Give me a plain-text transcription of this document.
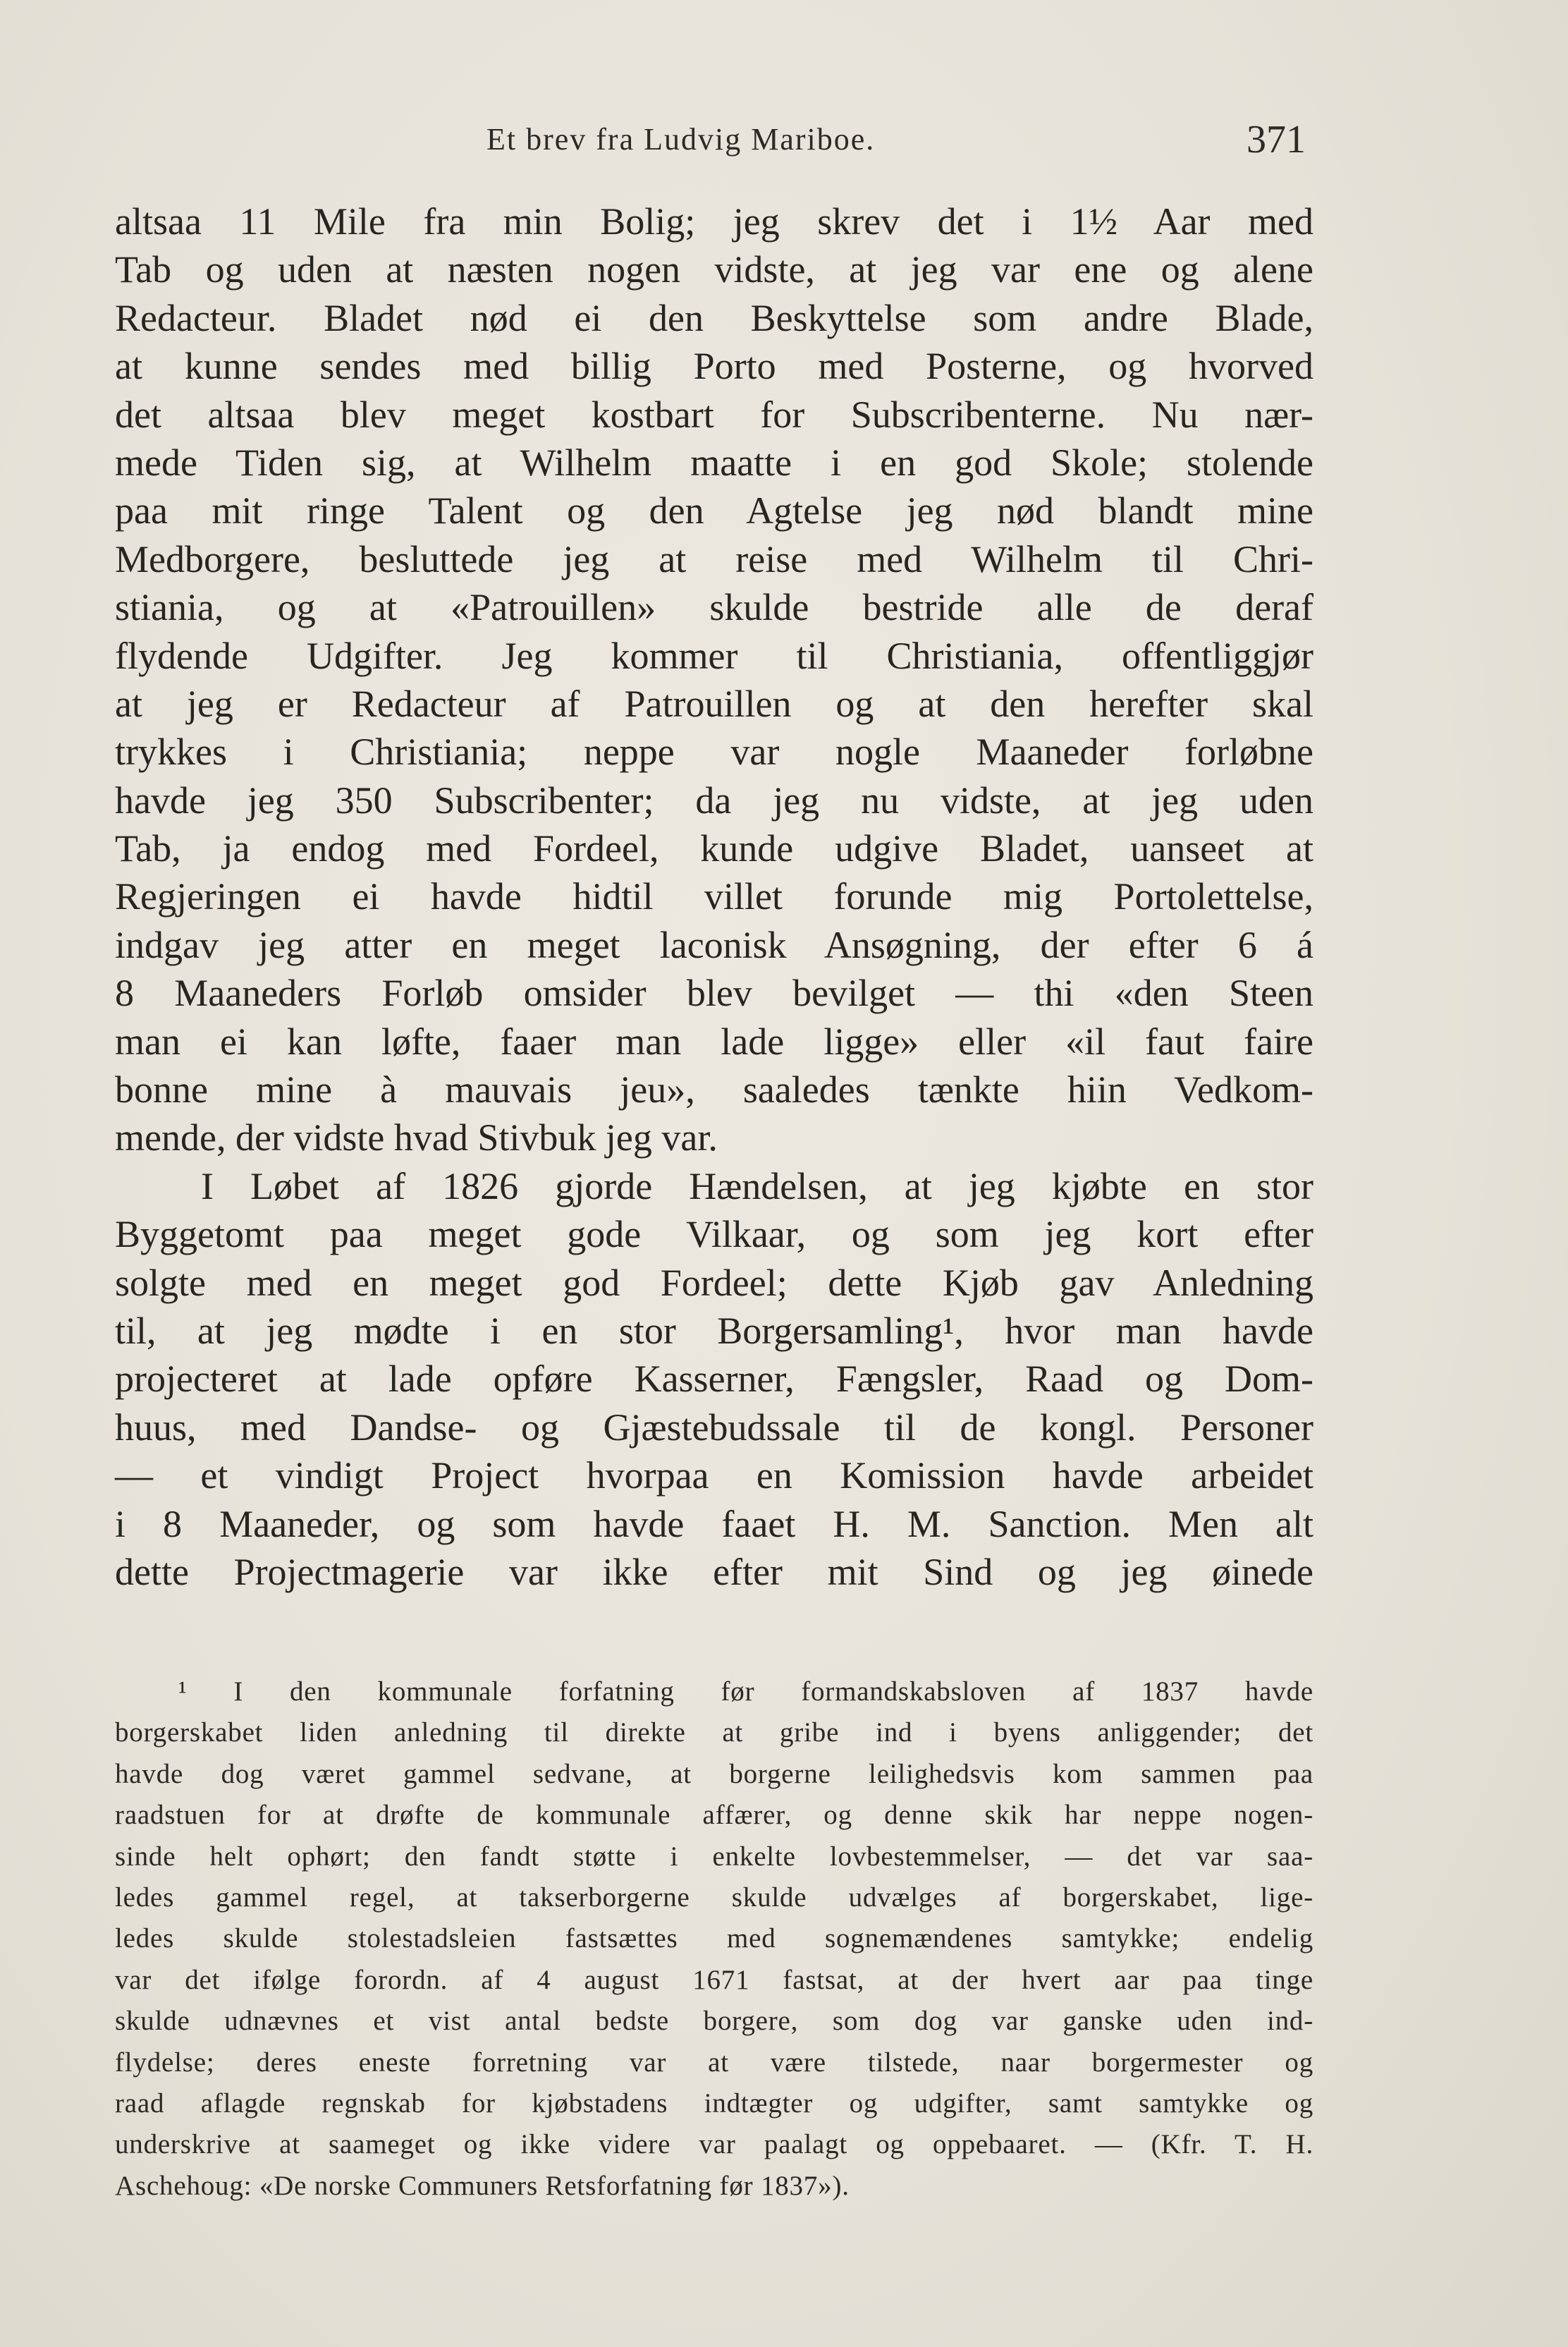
Et brev fra Ludvig Mariboe.	371
altsaa 11 Mile fra min Bolig; jeg skrev det i 1½ Aar med
Tab og uden at næsten nogen vidste, at jeg var ene og alene
Redacteur. Bladet nød ei den Beskyttelse som andre Blade,
at kunne sendes med billig Porto med Posterne, og hvorved
det altsaa blev meget kostbart for Subscribenterne. Nu nær-
mede Tiden sig, at Wilhelm maatte i en god Skole; stolende
paa mit ringe Talent og den Agtelse jeg nød blandt mine
Medborgere, besluttede jeg at reise med Wilhelm til Chri-
stiania, og at «Patrouillen» skulde bestride alle de deraf
flydende Udgifter. Jeg kommer til Christiania, offentliggjør
at jeg er Redacteur af Patrouillen og at den herefter skal
trykkes i Christiania; neppe var nogle Maaneder forløbne
havde jeg 350 Subscribenter; da jeg nu vidste, at jeg uden
Tab, ja endog med Fordeel, kunde udgive Bladet, uanseet at
Regjeringen ei havde hidtil villet forunde mig Portolettelse,
indgav jeg atter en meget laconisk Ansøgning, der efter 6 á
8 Maaneders Forløb omsider blev bevilget — thi «den Steen
man ei kan løfte, faaer man lade ligge» eller «il faut faire
bonne mine à mauvais jeu», saaledes tænkte hiin Vedkom-
mende, der vidste hvad Stivbuk jeg var.
I Løbet af 1826 gjorde Hændelsen, at jeg kjøbte en stor
Byggetomt paa meget gode Vilkaar, og som jeg kort efter
solgte med en meget god Fordeel; dette Kjøb gav Anledning
til, at jeg mødte i en stor Borgersamling¹, hvor man havde
projecteret at lade opføre Kasserner, Fængsler, Raad og Dom-
huus, med Dandse- og Gjæstebudssale til de kongl. Personer
— et vindigt Project hvorpaa en Komission havde arbeidet
i 8 Maaneder, og som havde faaet H. M. Sanction. Men alt
dette Projectmagerie var ikke efter mit Sind og jeg øinede
¹ I den kommunale forfatning før formandskabsloven af 1837 havde
borgerskabet liden anledning til direkte at gribe ind i byens anliggender; det
havde dog været gammel sedvane, at borgerne leilighedsvis kom sammen paa
raadstuen for at drøfte de kommunale affærer, og denne skik har neppe nogen-
sinde helt ophørt; den fandt støtte i enkelte lovbestemmelser, — det var saa-
ledes gammel regel, at takserborgerne skulde udvælges af borgerskabet, lige-
ledes skulde stolestadsleien fastsættes med sognemændenes samtykke; endelig
var det ifølge forordn. af 4 august 1671 fastsat, at der hvert aar paa tinge
skulde udnævnes et vist antal bedste borgere, som dog var ganske uden ind-
flydelse; deres eneste forretning var at være tilstede, naar borgermester og
raad aflagde regnskab for kjøbstadens indtægter og udgifter, samt samtykke og
underskrive at saameget og ikke videre var paalagt og oppebaaret. — (Kfr. T. H.
Aschehoug: «De norske Communers Retsforfatning før 1837»).
